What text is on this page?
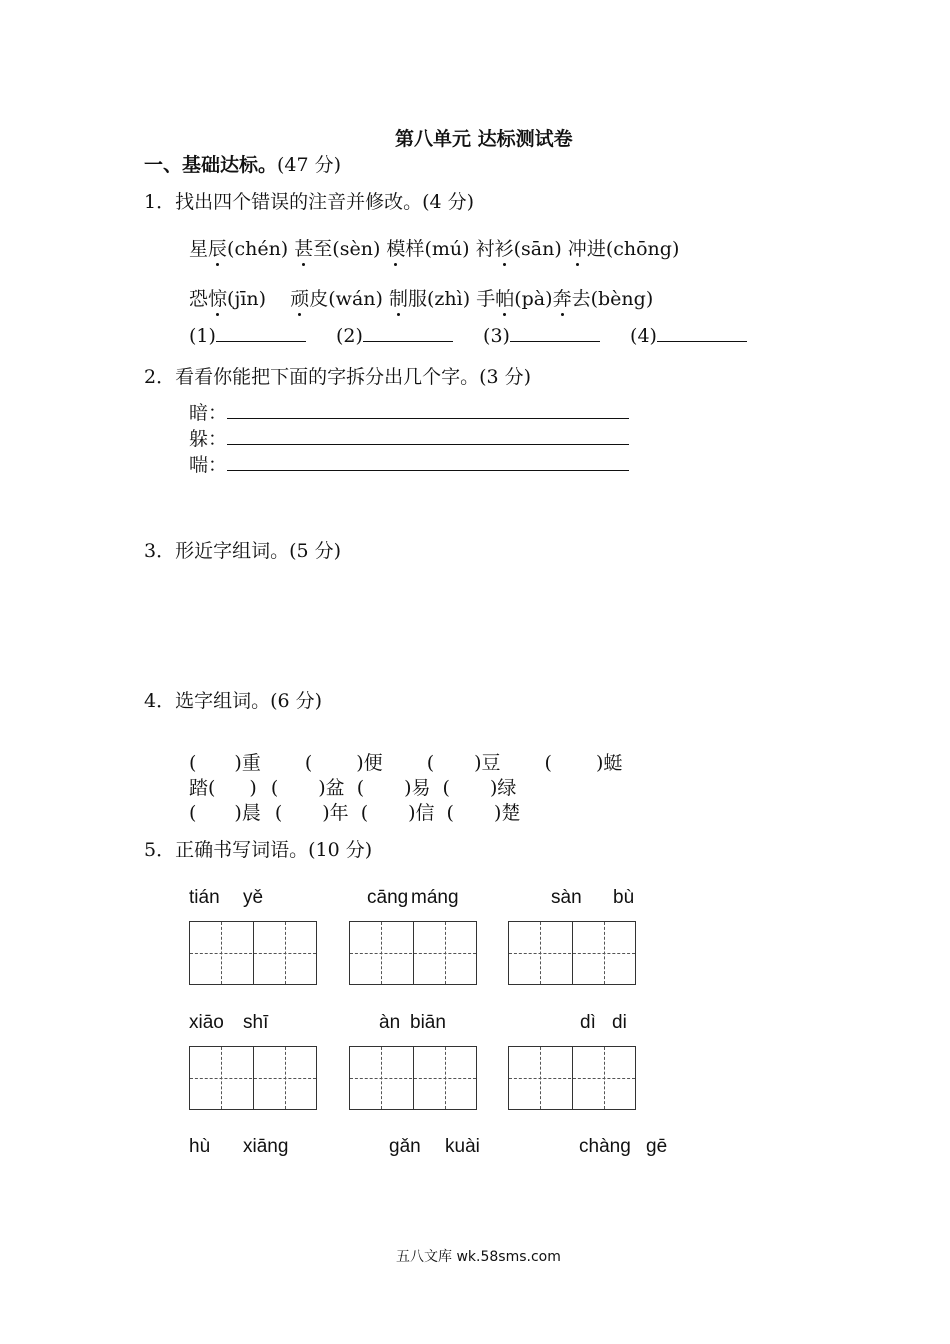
第八单元 达标测试卷
一、基础达标。(47 分)
1．找出四个错误的注音并修改。(4 分)
星辰(chén) 甚至(sèn) 模样(mú) 衬衫(sān) 冲进(chōng)
恐惊(jīn) 顽皮(wán) 制服(zhì) 手帕(pà)奔去(bèng)
(1)	(2)	(3)	(4)
2．看看你能把下面的字拆分出几个字。(3 分)
暗：
躲：
喘：
3．形近字组词。(5 分)
4．选字组词。(6 分)
( )重 ( )便 ( )豆 ( )蜓
踏( ) ( )盆 ( )易 ( )绿
( )晨 ( )年 ( )信 ( )楚
5．正确书写词语。(10 分)
tián yě	cāng máng	sàn bù
xiāo shī	àn biān	dì di
hù xiāng	gǎn kuài	chàng gē
五八文库 wk.58sms.com
